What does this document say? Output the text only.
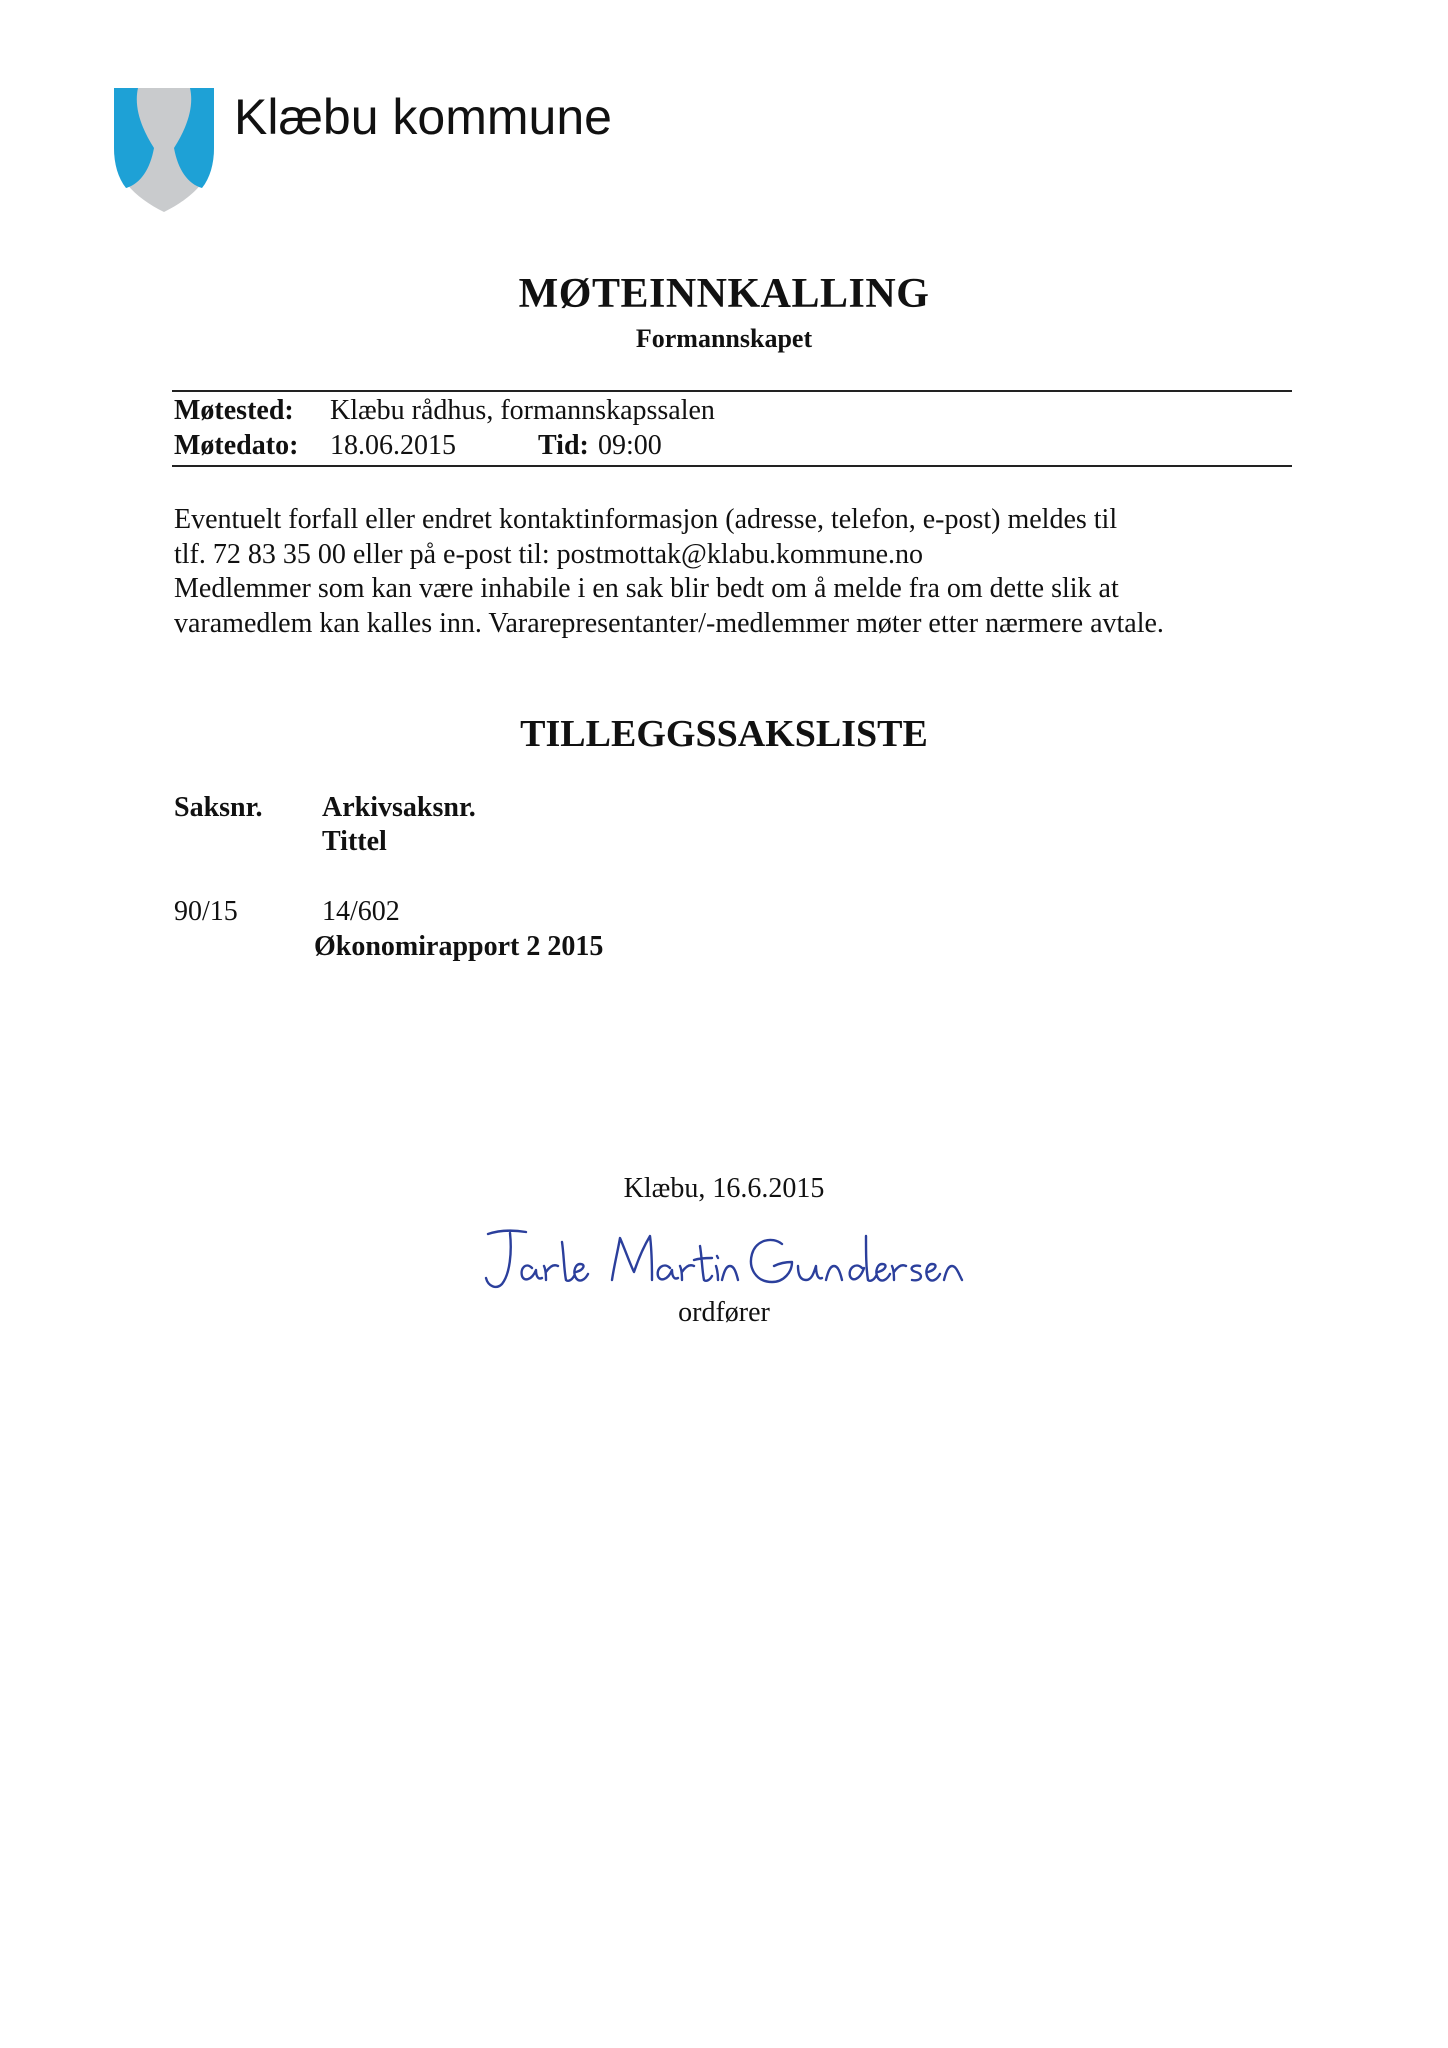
Klæbu kommune
MØTEINNKALLING
Formannskapet
Møtested: Klæbu rådhus, formannskapssalen
Møtedato: 18.06.2015	Tid: 09:00
Eventuelt forfall eller endret kontaktinformasjon (adresse, telefon, e-post) meldes til
tlf. 72 83 35 00 eller på e-post til: postmottak@klabu.kommune.no
Medlemmer som kan være inhabile i en sak blir bedt om å melde fra om dette slik at
varamedlem kan kalles inn. Vararepresentanter/-medlemmer møter etter nærmere avtale.
TILLEGGSSAKSLISTE
Saksnr. Arkivsaksnr.
Tittel
90/15	14/602
Økonomirapport 2 2015
Klæbu, 16.6.2015
ordfører
